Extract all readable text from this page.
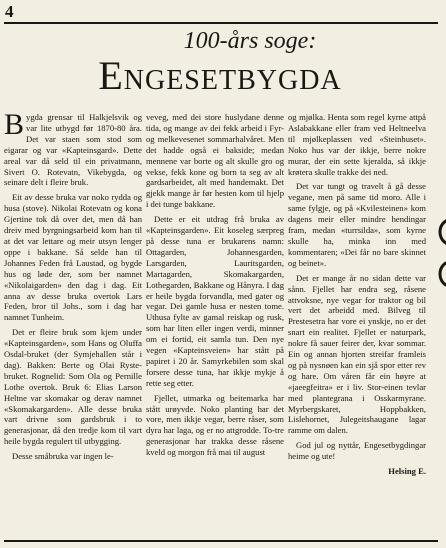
4
100-års soge:
Engesetbygda

Bygda grensar til Halkjelsvik og var lite utbygd før 1870-80 åra. Det var staen som stod som eigarar og var «Kapteinsgard». Dette areal var då seld til ein privatmann, Sivert O. Rotevatn, Vikebygda, og seinare delt i fleire bruk.

Eit av desse bruka var noko rydda og husa (stove). Nikolai Rotevatn og kona Gjertine tok då over det, men då han dreiv med byrgningsarbeid kom han til at det var lettare og meir utsyn lenger oppe i bakkane. Så selde han til Johannes Feden frå Laustad, og bygde hus og løde der, som ber namnet «Nikolaigarden» den dag i dag. Eit anna av desse bruka overtok Lars Feden, bror til Johs., som i dag har namnet Tunheim.

Det er fleire bruk som kjem under «Kapteinsgarden», som Hans og Oluffa Osdal-bruket (der Symjehallen står i dag). Bakken: Berte og Olai Ryste-bruket. Rognelid: Som Ola og Pernille Lothe overtok. Bruk 6: Elias Larson Heltne var skomakar og derav namnet «Skomakargarden». Alle desse bruka vart drivne som gardsbruk i to generasjonar, då den tredje kom til vart heile bygda regulert til utbygging.

Desse småbruka var ingen le-

veveg, med dei store huslydane denne tida, og mange av dei fekk arbeid i Fyr- og melkevesenet sommarhalvåret. Men det hadde også ei bakside; medan mennene var borte og alt skulle gro og vekse, fekk kone og born ta seg av alt gardsarbeidet, alt med handemakt. Det gjekk mange år før hesten kom til hjelp i dei tunge bakkane.

Dette er eit utdrag frå bruka av «Kapteinsgarden». Eit koseleg særpreg på desse tuna er brukarens namn: Ottagarden, Johannesgarden, Larsgarden, Lauritsgarden, Martagarden, Skomakargarden, Lothegarden, Bakkane og Hånyra. I dag er heile bygda forvandla, med gater og vegar. Dei gamle husa er nesten tome. Uthusa fylte av gamal reiskap og rusk, som har liten eller ingen verdi, minner om ei fortid, eit samla tun. Den nye vegen «Kapteinsveien» har stått på papiret i 20 år. Samyrkebilen som skal forsere desse tuna, har ikkje mykje å rette seg etter.

Fjellet, utmarka og beitemarka har stått urøyvde. Noko planting har det vore, men ikkje vegar, berre råser, som dyra har laga, og er no attgrodde. To-tre generasjonar har trakka desse råsene kveld og morgon frå mai til august

og mjølka. Henta som regel kyrne attpå Aslabakkane eller fram ved Heltneelva til mjølkeplassen ved «Steinhuset». Noko hus var der ikkje, berre nokre murar, der ein sette kjeralda, så ikkje krøtera skulle trakke dei ned.

Det var tungt og travelt å gå desse vegane, men på same tid moro. Alle i same fylgje, og på «Kvilesteinen» kom dagens meir eller mindre hendingar fram, medan «turrsilda», som kyrne skulle ha, minka inn med kommentaren; «Dei får no bare skinnet og beinet».

Det er mange år no sidan dette var sånn. Fjellet har endra seg, råsene attvoksne, nye vegar for traktor og bil vert det arbeidd med. Bilveg til Prestesetra har vore ei ynskje, no er det snart ein realitet. Fjellet er naturpark, nokre få sauer feirer der, kvar sommar. Ein og annan hjorten streifar framleis og på nysnøen kan ein sjå spor etter rev og hare. Om våren får ein høyre at «jaeegfeitra» er i liv. Stor-einen tevlar med plantegrana i Osskarmyrane. Myrbergskaret, Hoppbakken, Lislehornet, Julegeitshaugane lagar ramme om dalen.

God jul og nyttår, Engesetbygdingar heime og ute!

Helsing E.
